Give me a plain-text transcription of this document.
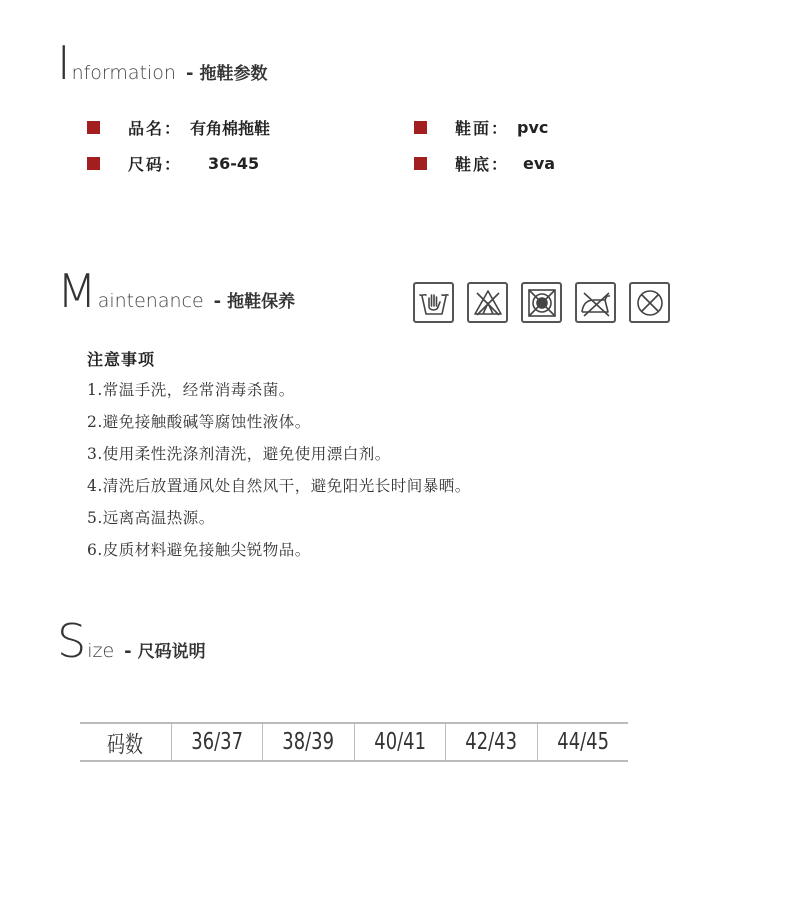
I nformation - 拖鞋参数
品名： 有角棉拖鞋
尺码： 36-45
鞋面： pvc
鞋底： eva
M aintenance - 拖鞋保养
注意事项
1.常温手洗，经常消毒杀菌。
2.避免接触酸碱等腐蚀性液体。
3.使用柔性洗涤剂清洗，避免使用漂白剂。
4.清洗后放置通风处自然风干，避免阳光长时间暴晒。
5.远离高温热源。
6.皮质材料避免接触尖锐物品。
S ize - 尺码说明
码数 36/37 38/39 40/41 42/43 44/45
